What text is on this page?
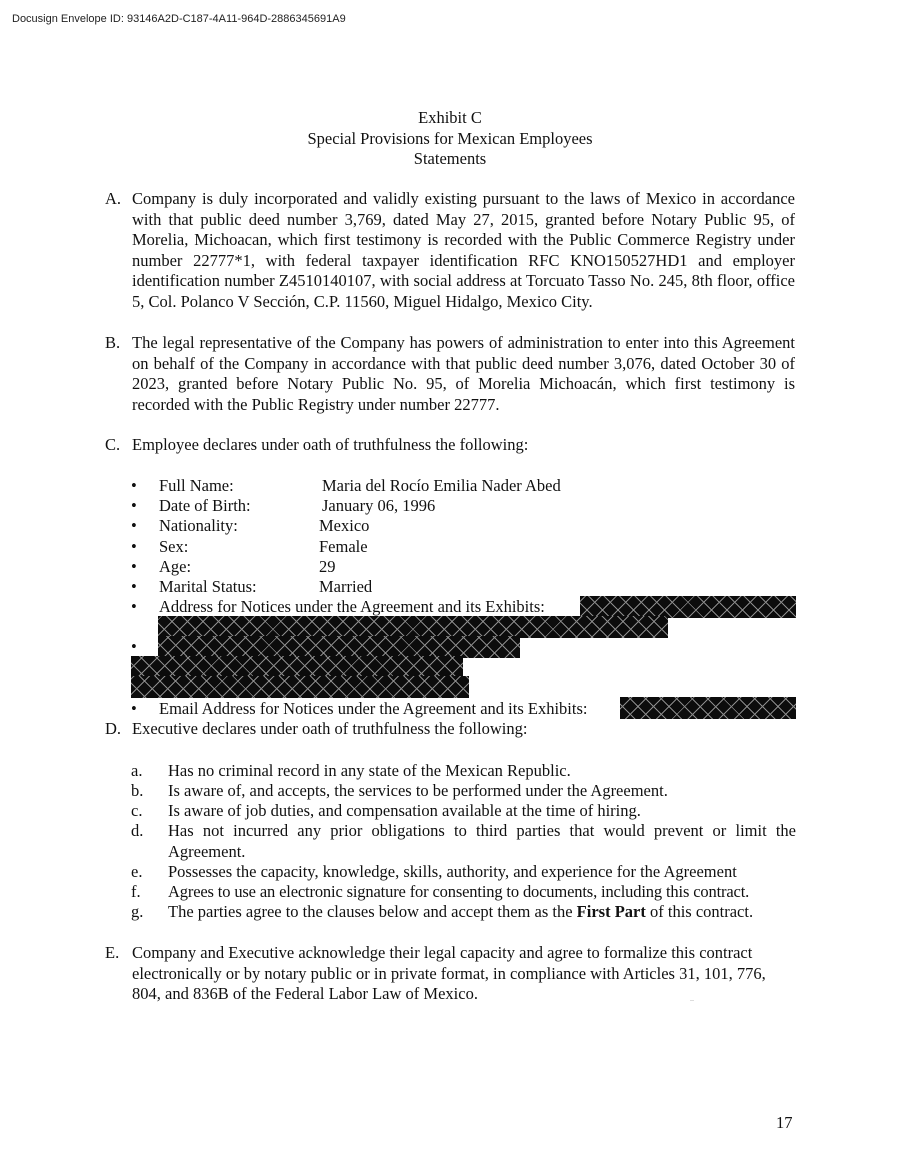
Docusign Envelope ID: 93146A2D-C187-4A11-964D-2886345691A9
Exhibit C
Special Provisions for Mexican Employees
Statements
A. Company is duly incorporated and validly existing pursuant to the laws of Mexico in accordance with that public deed number 3,769, dated May 27, 2015, granted before Notary Public 95, of Morelia, Michoacan, which first testimony is recorded with the Public Commerce Registry under number 22777*1, with federal taxpayer identification RFC KNO150527HD1 and employer identification number Z4510140107, with social address at Torcuato Tasso No. 245, 8th floor, office 5, Col. Polanco V Sección, C.P. 11560, Miguel Hidalgo, Mexico City.
B. The legal representative of the Company has powers of administration to enter into this Agreement on behalf of the Company in accordance with that public deed number 3,076, dated October 30 of 2023, granted before Notary Public No. 95, of Morelia Michoacán, which first testimony is recorded with the Public Registry under number 22777.
C. Employee declares under oath of truthfulness the following:
•	Full Name:	Maria del Rocío Emilia Nader Abed
•	Date of Birth:	January 06, 1996
•	Nationality:	Mexico
•	Sex:	Female
•	Age:	29
•	Marital Status:	Married
•	Address for Notices under the Agreement and its Exhibits:
•
•	Email Address for Notices under the Agreement and its Exhibits:
D. Executive declares under oath of truthfulness the following:
a.	Has no criminal record in any state of the Mexican Republic.
b.	Is aware of, and accepts, the services to be performed under the Agreement.
c.	Is aware of job duties, and compensation available at the time of hiring.
d.	Has not incurred any prior obligations to third parties that would prevent or limit the Agreement.
e.	Possesses the capacity, knowledge, skills, authority, and experience for the Agreement
f.	Agrees to use an electronic signature for consenting to documents, including this contract.
g.	The parties agree to the clauses below and accept them as the First Part of this contract.
E. Company and Executive acknowledge their legal capacity and agree to formalize this contract electronically or by notary public or in private format, in compliance with Articles 31, 101, 776, 804, and 836B of the Federal Labor Law of Mexico.
17
